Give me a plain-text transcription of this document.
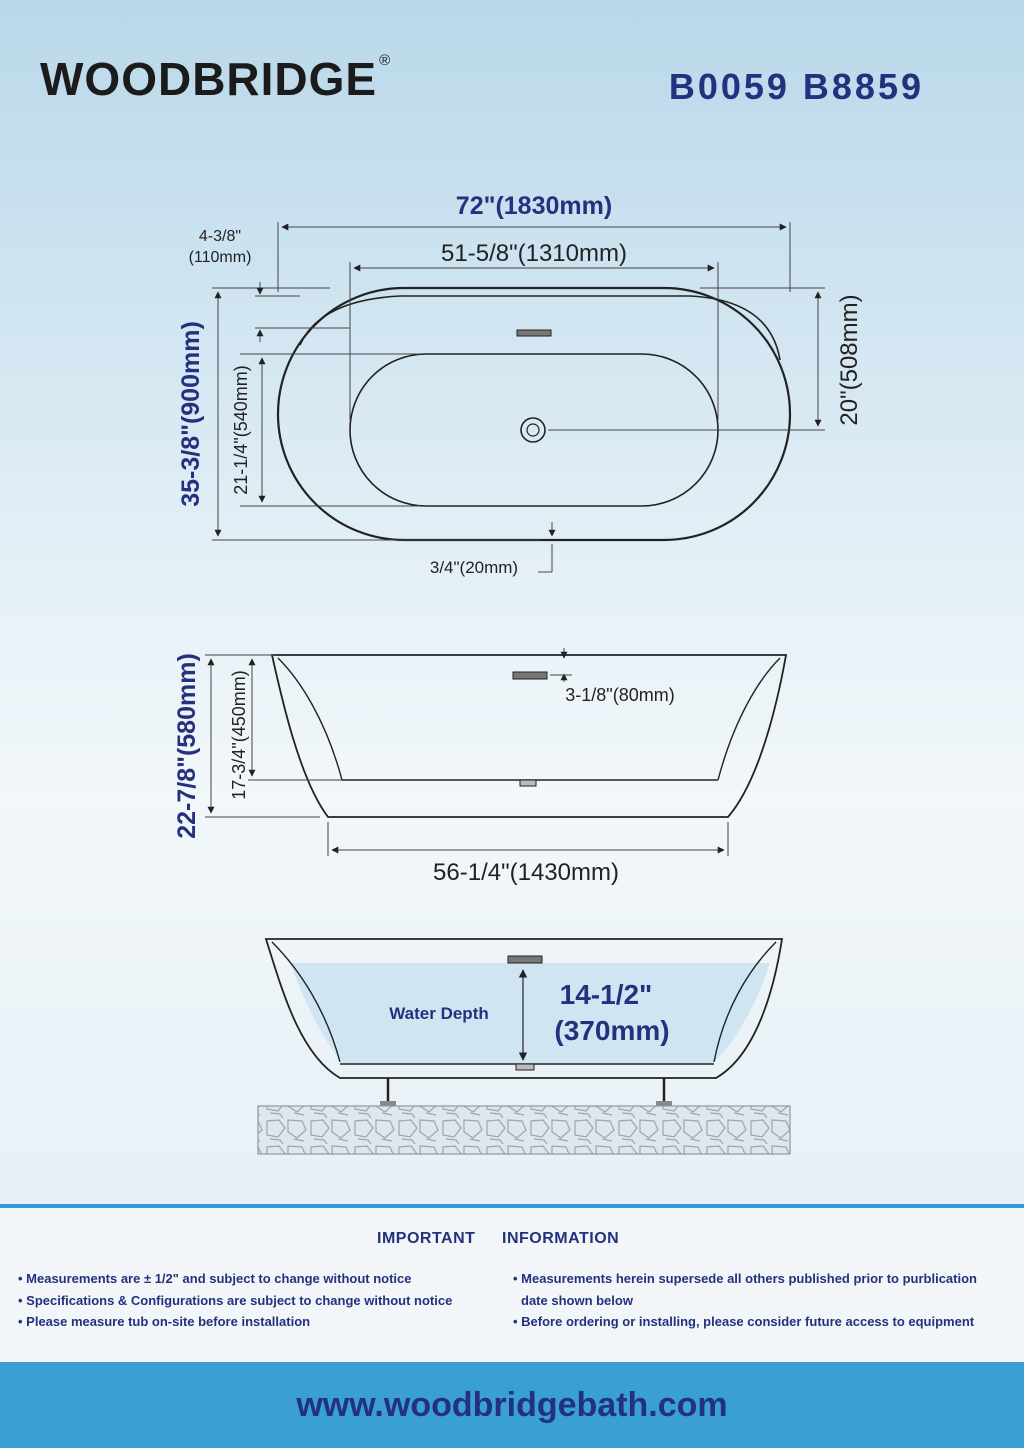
WOODBRIDGE ®
B0059 B8859
72"(1830mm)
51-5/8"(1310mm)
4-3/8"
(110mm)
35-3/8"(900mm) 21-1/4"(540mm)
20"(508mm)
3/4"(20mm)
22-7/8"(580mm) 17-3/4"(450mm)	3-1/8"(80mm)
56-1/4"(1430mm)
Water Depth
14-1/2"
(370mm)
IMPORTANT INFORMATION
• Measurements are ± 1/2" and subject to change without notice
• Specifications & Configurations are subject to change without notice
• Please measure tub on-site before installation
• Measurements herein supersede all others published prior to purblication
date shown below
• Before ordering or installing, please consider future access to equipment
www.woodbridgebath.com
